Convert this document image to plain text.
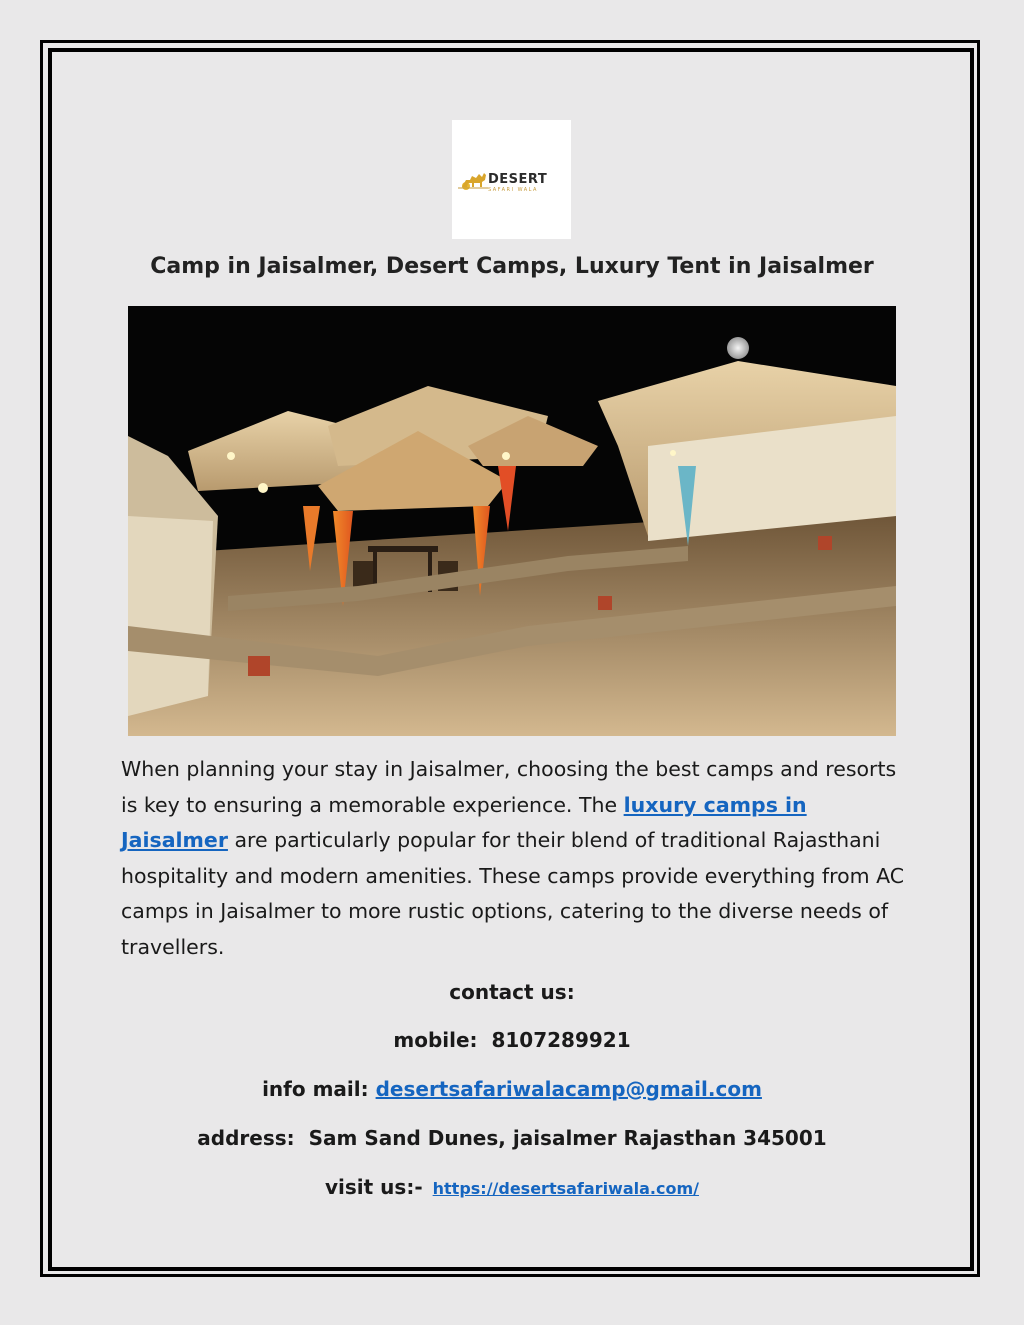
DESERT
SAFARI WALA
Camp in Jaisalmer, Desert Camps, Luxury Tent in Jaisalmer
When planning your stay in Jaisalmer, choosing the best camps and resorts is key to ensuring a memorable experience. The luxury camps in Jaisalmer are particularly popular for their blend of traditional Rajasthani hospitality and modern amenities. These camps provide everything from AC camps in Jaisalmer to more rustic options, catering to the diverse needs of travellers.
contact us:
mobile: 8107289921
info mail: desertsafariwalacamp@gmail.com
address: Sam Sand Dunes, jaisalmer Rajasthan 345001
visit us:- https://desertsafariwala.com/
